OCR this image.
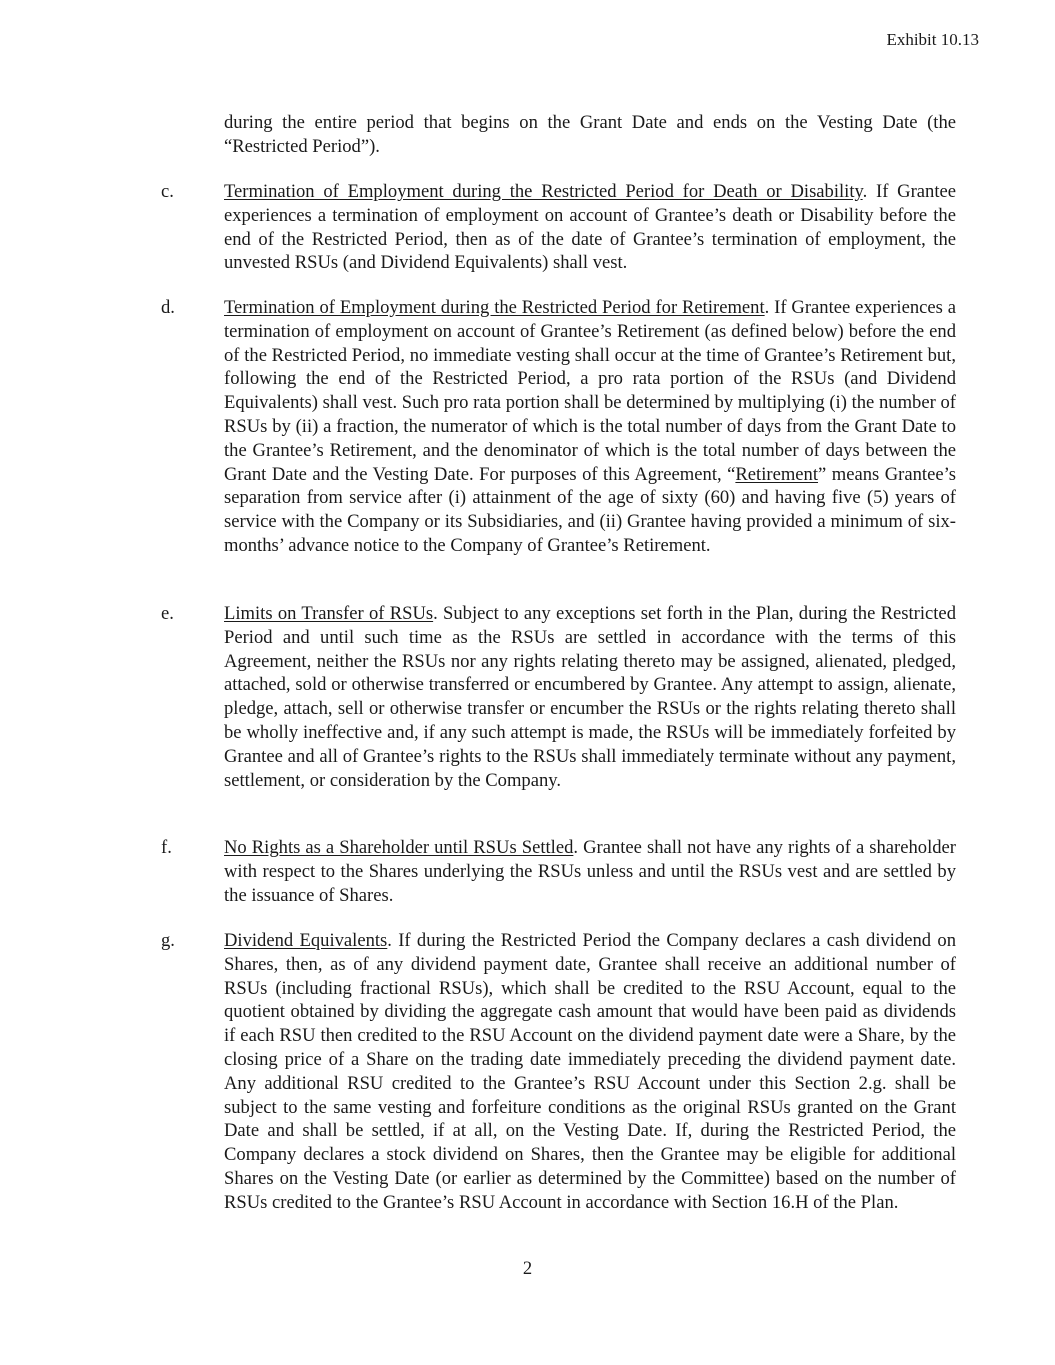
Exhibit 10.13
during the entire period that begins on the Grant Date and ends on the Vesting Date (the “Restricted Period”).
c.	Termination of Employment during the Restricted Period for Death or Disability. If Grantee experiences a termination of employment on account of Grantee’s death or Disability before the end of the Restricted Period, then as of the date of Grantee’s termination of employment, the unvested RSUs (and Dividend Equivalents) shall vest.
d.	Termination of Employment during the Restricted Period for Retirement. If Grantee experiences a termination of employment on account of Grantee’s Retirement (as defined below) before the end of the Restricted Period, no immediate vesting shall occur at the time of Grantee’s Retirement but, following the end of the Restricted Period, a pro rata portion of the RSUs (and Dividend Equivalents) shall vest. Such pro rata portion shall be determined by multiplying (i) the number of RSUs by (ii) a fraction, the numerator of which is the total number of days from the Grant Date to the Grantee’s Retirement, and the denominator of which is the total number of days between the Grant Date and the Vesting Date. For purposes of this Agreement, “Retirement” means Grantee’s separation from service after (i) attainment of the age of sixty (60) and having five (5) years of service with the Company or its Subsidiaries, and (ii) Grantee having provided a minimum of six-months’ advance notice to the Company of Grantee’s Retirement.
e.	Limits on Transfer of RSUs. Subject to any exceptions set forth in the Plan, during the Restricted Period and until such time as the RSUs are settled in accordance with the terms of this Agreement, neither the RSUs nor any rights relating thereto may be assigned, alienated, pledged, attached, sold or otherwise transferred or encumbered by Grantee. Any attempt to assign, alienate, pledge, attach, sell or otherwise transfer or encumber the RSUs or the rights relating thereto shall be wholly ineffective and, if any such attempt is made, the RSUs will be immediately forfeited by Grantee and all of Grantee’s rights to the RSUs shall immediately terminate without any payment, settlement, or consideration by the Company.
f.	No Rights as a Shareholder until RSUs Settled. Grantee shall not have any rights of a shareholder with respect to the Shares underlying the RSUs unless and until the RSUs vest and are settled by the issuance of Shares.
g.	Dividend Equivalents. If during the Restricted Period the Company declares a cash dividend on Shares, then, as of any dividend payment date, Grantee shall receive an additional number of RSUs (including fractional RSUs), which shall be credited to the RSU Account, equal to the quotient obtained by dividing the aggregate cash amount that would have been paid as dividends if each RSU then credited to the RSU Account on the dividend payment date were a Share, by the closing price of a Share on the trading date immediately preceding the dividend payment date. Any additional RSU credited to the Grantee’s RSU Account under this Section 2.g. shall be subject to the same vesting and forfeiture conditions as the original RSUs granted on the Grant Date and shall be settled, if at all, on the Vesting Date. If, during the Restricted Period, the Company declares a stock dividend on Shares, then the Grantee may be eligible for additional Shares on the Vesting Date (or earlier as determined by the Committee) based on the number of RSUs credited to the Grantee’s RSU Account in accordance with Section 16.H of the Plan.
2
